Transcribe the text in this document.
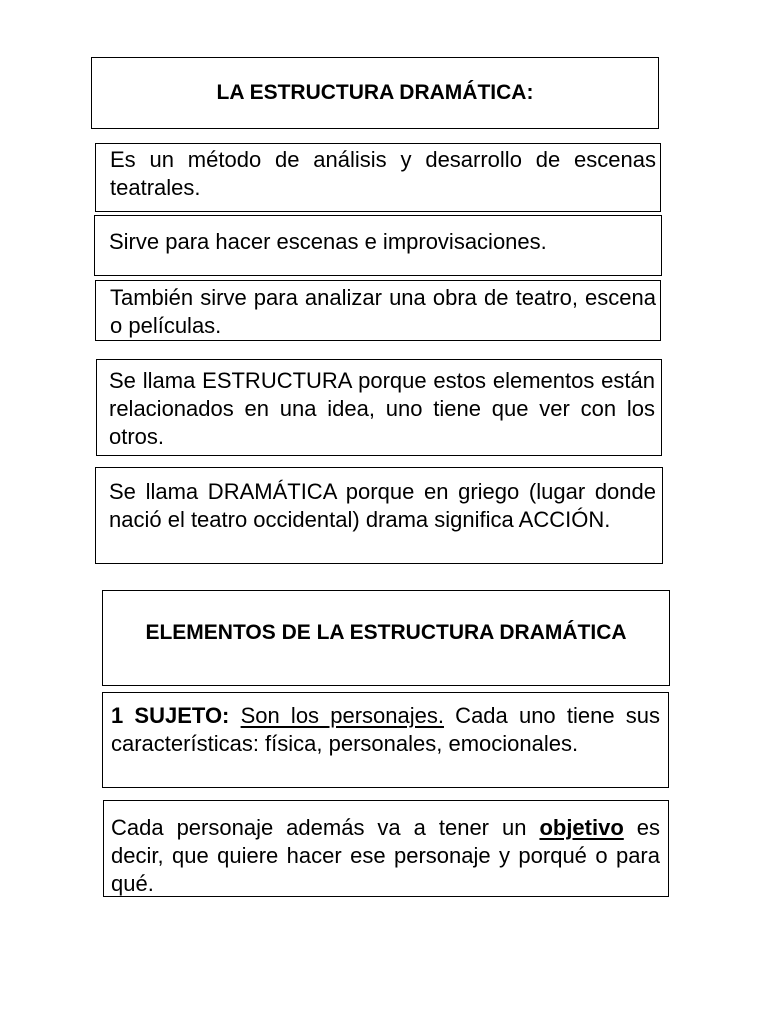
LA ESTRUCTURA DRAMÁTICA:
Es un método de análisis y desarrollo de escenas teatrales.
Sirve para hacer escenas e improvisaciones.
También sirve para analizar una obra de teatro, escena o películas.
Se llama ESTRUCTURA porque estos elementos están relacionados en una idea, uno tiene que ver con los otros.
Se llama DRAMÁTICA porque en griego (lugar donde nació el teatro occidental) drama significa ACCIÓN.
ELEMENTOS DE LA ESTRUCTURA DRAMÁTICA
1 SUJETO: Son los personajes. Cada uno tiene sus características: física, personales, emocionales.
Cada personaje además va a tener un objetivo es decir, que quiere hacer ese personaje y porqué o para qué.
